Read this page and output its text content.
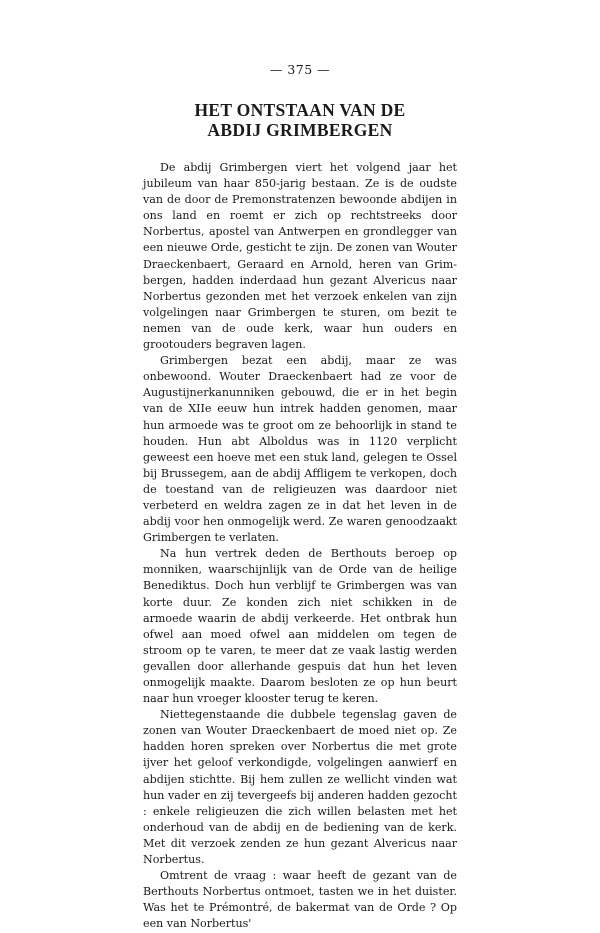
— 375 —
HET ONTSTAAN VAN DE
ABDIJ GRIMBERGEN

De abdij Grimbergen viert het volgend jaar het jubileum van haar 850-jarig bestaan. Ze is de oudste van de door de Premonstratenzen bewoonde abdijen in ons land en roemt er zich op rechtstreeks door Norbertus, apostel van Antwerpen en grondlegger van een nieuwe Orde, gesticht te zijn. De zonen van Wouter Draeckenbaert, Geraard en Arnold, heren van Grimbergen, hadden inderdaad hun gezant Alvericus naar Norbertus gezonden met het verzoek enkelen van zijn volgelingen naar Grimbergen te sturen, om bezit te nemen van de oude kerk, waar hun ouders en grootouders begraven lagen.

Grimbergen bezat een abdij, maar ze was onbewoond. Wouter Draeckenbaert had ze voor de Augustijnerkanunniken gebouwd, die er in het begin van de XIIe eeuw hun intrek hadden genomen, maar hun armoede was te groot om ze behoorlijk in stand te houden. Hun abt Alboldus was in 1120 verplicht geweest een hoeve met een stuk land, gelegen te Ossel bij Brussegem, aan de abdij Affligem te verkopen, doch de toestand van de religieuzen was daardoor niet verbeterd en weldra zagen ze in dat het leven in de abdij voor hen onmogelijk werd. Ze waren genoodzaakt Grimbergen te verlaten.

Na hun vertrek deden de Berthouts beroep op monniken, waarschijnlijk van de Orde van de heilige Benediktus. Doch hun verblijf te Grimbergen was van korte duur. Ze konden zich niet schikken in de armoede waarin de abdij verkeerde. Het ontbrak hun ofwel aan moed ofwel aan middelen om tegen de stroom op te varen, te meer dat ze vaak lastig werden gevallen door allerhande gespuis dat hun het leven onmogelijk maakte. Daarom besloten ze op hun beurt naar hun vroeger klooster terug te keren.

Niettegenstaande die dubbele tegenslag gaven de zonen van Wouter Draeckenbaert de moed niet op. Ze hadden horen spreken over Norbertus die met grote ijver het geloof verkondigde, volgelingen aanwierf en abdijen stichtte. Bij hem zullen ze wellicht vinden wat hun vader en zij tevergeefs bij anderen hadden gezocht : enkele religieuzen die zich willen belasten met het onderhoud van de abdij en de bediening van de kerk. Met dit verzoek zenden ze hun gezant Alvericus naar Norbertus.

Omtrent de vraag : waar heeft de gezant van de Berthouts Norbertus ontmoet, tasten we in het duister. Was het te Prémontré, de bakermat van de Orde ? Op een van Norbertus'
